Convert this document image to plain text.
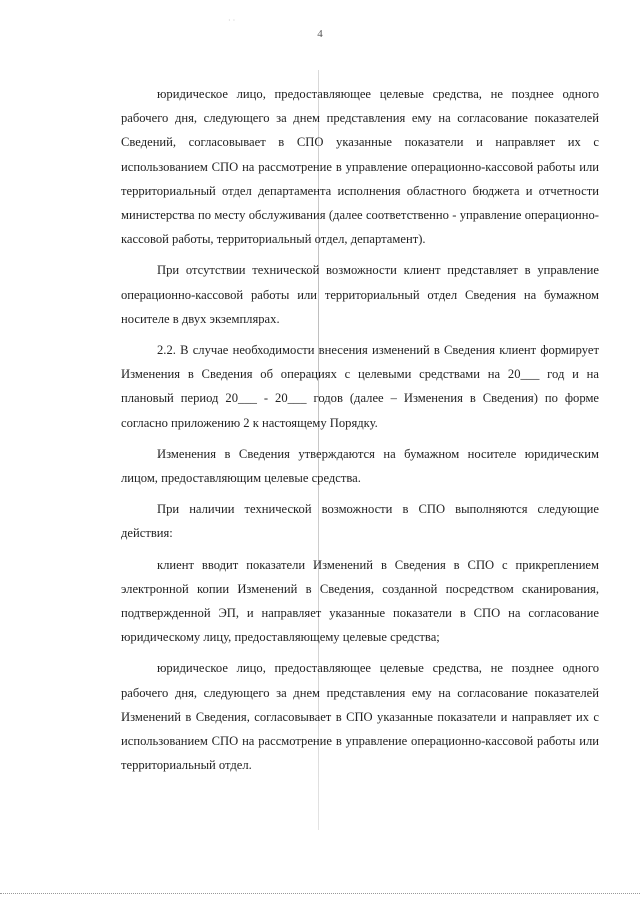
· ·
4

юридическое лицо, предоставляющее целевые средства, не позднее одного рабочего дня, следующего за днем представления ему на согласование показателей Сведений, согласовывает в СПО указанные показатели и направляет их с использованием СПО на рассмотрение в управление операционно-кассовой работы или территориальный отдел департамента исполнения областного бюджета и отчетности министерства по месту обслуживания (далее соответственно - управление операционно-кассовой работы, территориальный отдел, департамент).

При отсутствии технической возможности клиент представляет в управление операционно-кассовой работы или территориальный отдел Сведения на бумажном носителе в двух экземплярах.

2.2. В случае необходимости внесения изменений в Сведения клиент формирует Изменения в Сведения об операциях с целевыми средствами на 20___ год и на плановый период 20___ - 20___ годов (далее – Изменения в Сведения) по форме согласно приложению 2 к настоящему Порядку.

Изменения в Сведения утверждаются на бумажном носителе юридическим лицом, предоставляющим целевые средства.

При наличии технической возможности в СПО выполняются следующие действия:

клиент вводит показатели Изменений в Сведения в СПО с прикреплением электронной копии Изменений в Сведения, созданной посредством сканирования, подтвержденной ЭП, и направляет указанные показатели в СПО на согласование юридическому лицу, предоставляющему целевые средства;

юридическое лицо, предоставляющее целевые средства, не позднее одного рабочего дня, следующего за днем представления ему на согласование показателей Изменений в Сведения, согласовывает в СПО указанные показатели и направляет их с использованием СПО на рассмотрение в управление операционно-кассовой работы или территориальный отдел.
